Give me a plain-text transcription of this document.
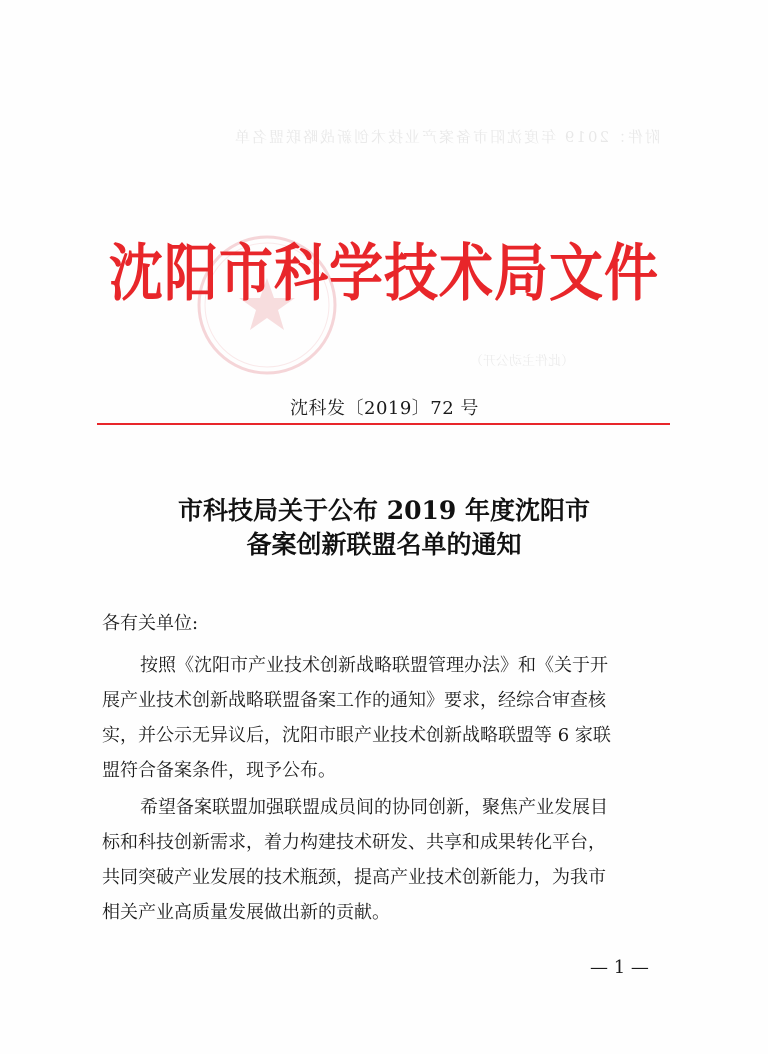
附件：2019 年度沈阳市备案产业技术创新战略联盟名单
（此件主动公开）
沈阳市科学技术局文件
沈科发〔2019〕72 号
市科技局关于公布 2019 年度沈阳市
备案创新联盟名单的通知
各有关单位:
按照《沈阳市产业技术创新战略联盟管理办法》和《关于开
展产业技术创新战略联盟备案工作的通知》要求，经综合审查核
实，并公示无异议后，沈阳市眼产业技术创新战略联盟等 6 家联
盟符合备案条件，现予公布。
希望备案联盟加强联盟成员间的协同创新，聚焦产业发展目
标和科技创新需求，着力构建技术研发、共享和成果转化平台，
共同突破产业发展的技术瓶颈，提高产业技术创新能力，为我市
相关产业高质量发展做出新的贡献。
— 1 —
